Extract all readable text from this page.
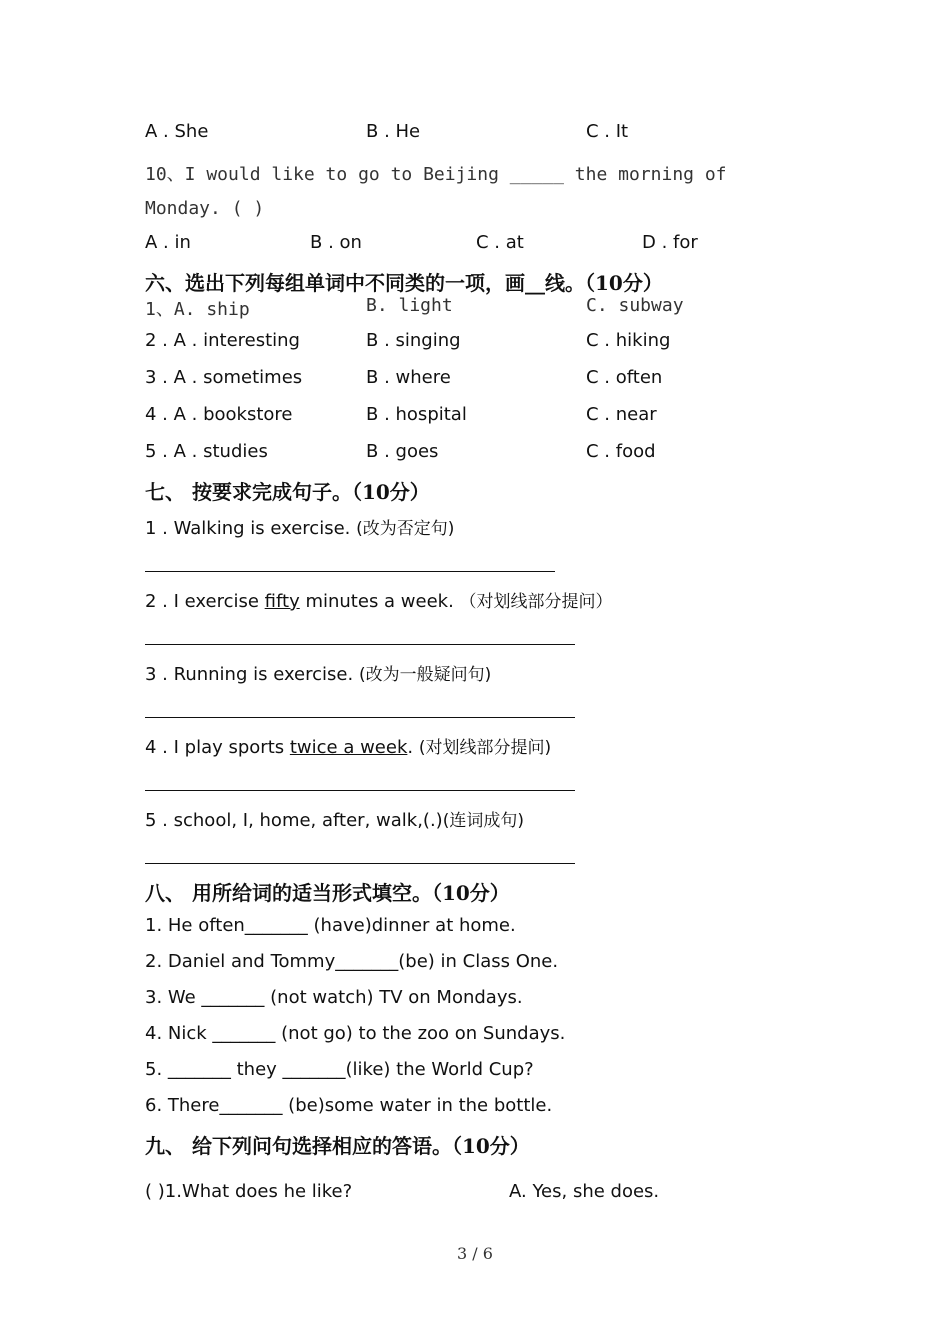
A . She	B . He	C . It
10、I would like to go to Beijing _____ the morning of
Monday. ( )
A . in	B . on	C . at	D . for
六、选出下列每组单词中不同类的一项，画__线。（10分）
1、A. ship	B. light	C. subway
2 . A . interesting	B . singing	C . hiking
3 . A . sometimes	B . where	C . often
4 . A . bookstore	B . hospital	C . near
5 . A . studies	B . goes	C . food
七、 按要求完成句子。（10分）
1 . Walking is exercise. (改为否定句)
2 . I exercise fifty minutes a week. （对划线部分提问）
3 . Running is exercise. (改为一般疑问句)
4 . I play sports twice a week. (对划线部分提问)
5 . school, I, home, after, walk,(.)(连词成句)
八、 用所给词的适当形式填空。（10分）
1. He often_______ (have)dinner at home.
2. Daniel and Tommy_______(be) in Class One.
3. We _______ (not watch) TV on Mondays.
4. Nick _______ (not go) to the zoo on Sundays.
5. _______ they _______(like) the World Cup?
6. There_______ (be)some water in the bottle.
九、 给下列问句选择相应的答语。（10分）
( )1.What does he like?	A. Yes, she does.
3 / 6
